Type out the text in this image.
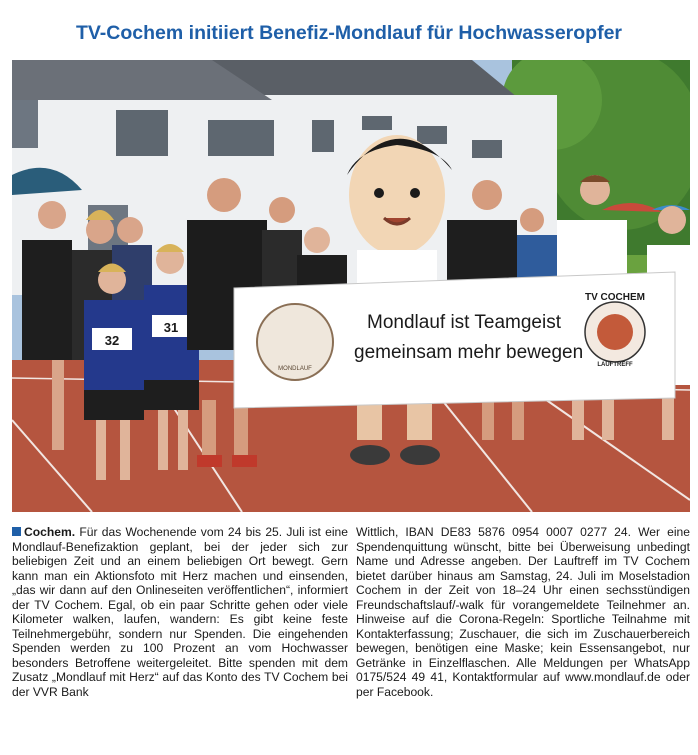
TV-Cochem initiiert Benefiz-Mondlauf für Hochwasseropfer
32
31
MONDLAUF
Mondlauf ist Teamgeist
gemeinsam mehr bewegen
TV COCHEM
LAUFTREFF

Cochem. Für das Wochenende vom 24 bis 25. Juli ist eine Mondlauf-Benefizaktion geplant, bei der jeder sich zur beliebigen Zeit und an einem beliebigen Ort bewegt. Gern kann man ein Aktionsfoto mit Herz machen und einsenden, „das wir dann auf den Onlineseiten veröffentlichen“, informiert der TV Cochem. Egal, ob ein paar Schritte gehen oder viele Kilometer walken, laufen, wandern: Es gibt keine feste Teilnehmergebühr, sondern nur Spenden. Die eingehenden Spenden werden zu 100 Prozent an vom Hochwasser besonders Betroffene weitergeleitet. Bitte spenden mit dem Zusatz „Mondlauf mit Herz“ auf das Konto des TV Cochem bei der VVR Bank

Wittlich, IBAN DE83 5876 0954 0007 0277 24. Wer eine Spendenquittung wünscht, bitte bei Überweisung unbedingt Name und Adresse angeben. Der Lauftreff im TV Cochem bietet darüber hinaus am Samstag, 24. Juli im Moselstadion Cochem in der Zeit von 18–24 Uhr einen sechsstündigen Freundschaftslauf/-walk für vorangemeldete Teilnehmer an. Hinweise auf die Corona-Regeln: Sportliche Teilnahme mit Kontakterfassung; Zuschauer, die sich im Zuschauerbereich bewegen, benötigen eine Maske; kein Essensangebot, nur Getränke in Einzelflaschen. Alle Meldungen per WhatsApp 0175/524 49 41, Kontaktformular auf www.mondlauf.de oder per Facebook.
